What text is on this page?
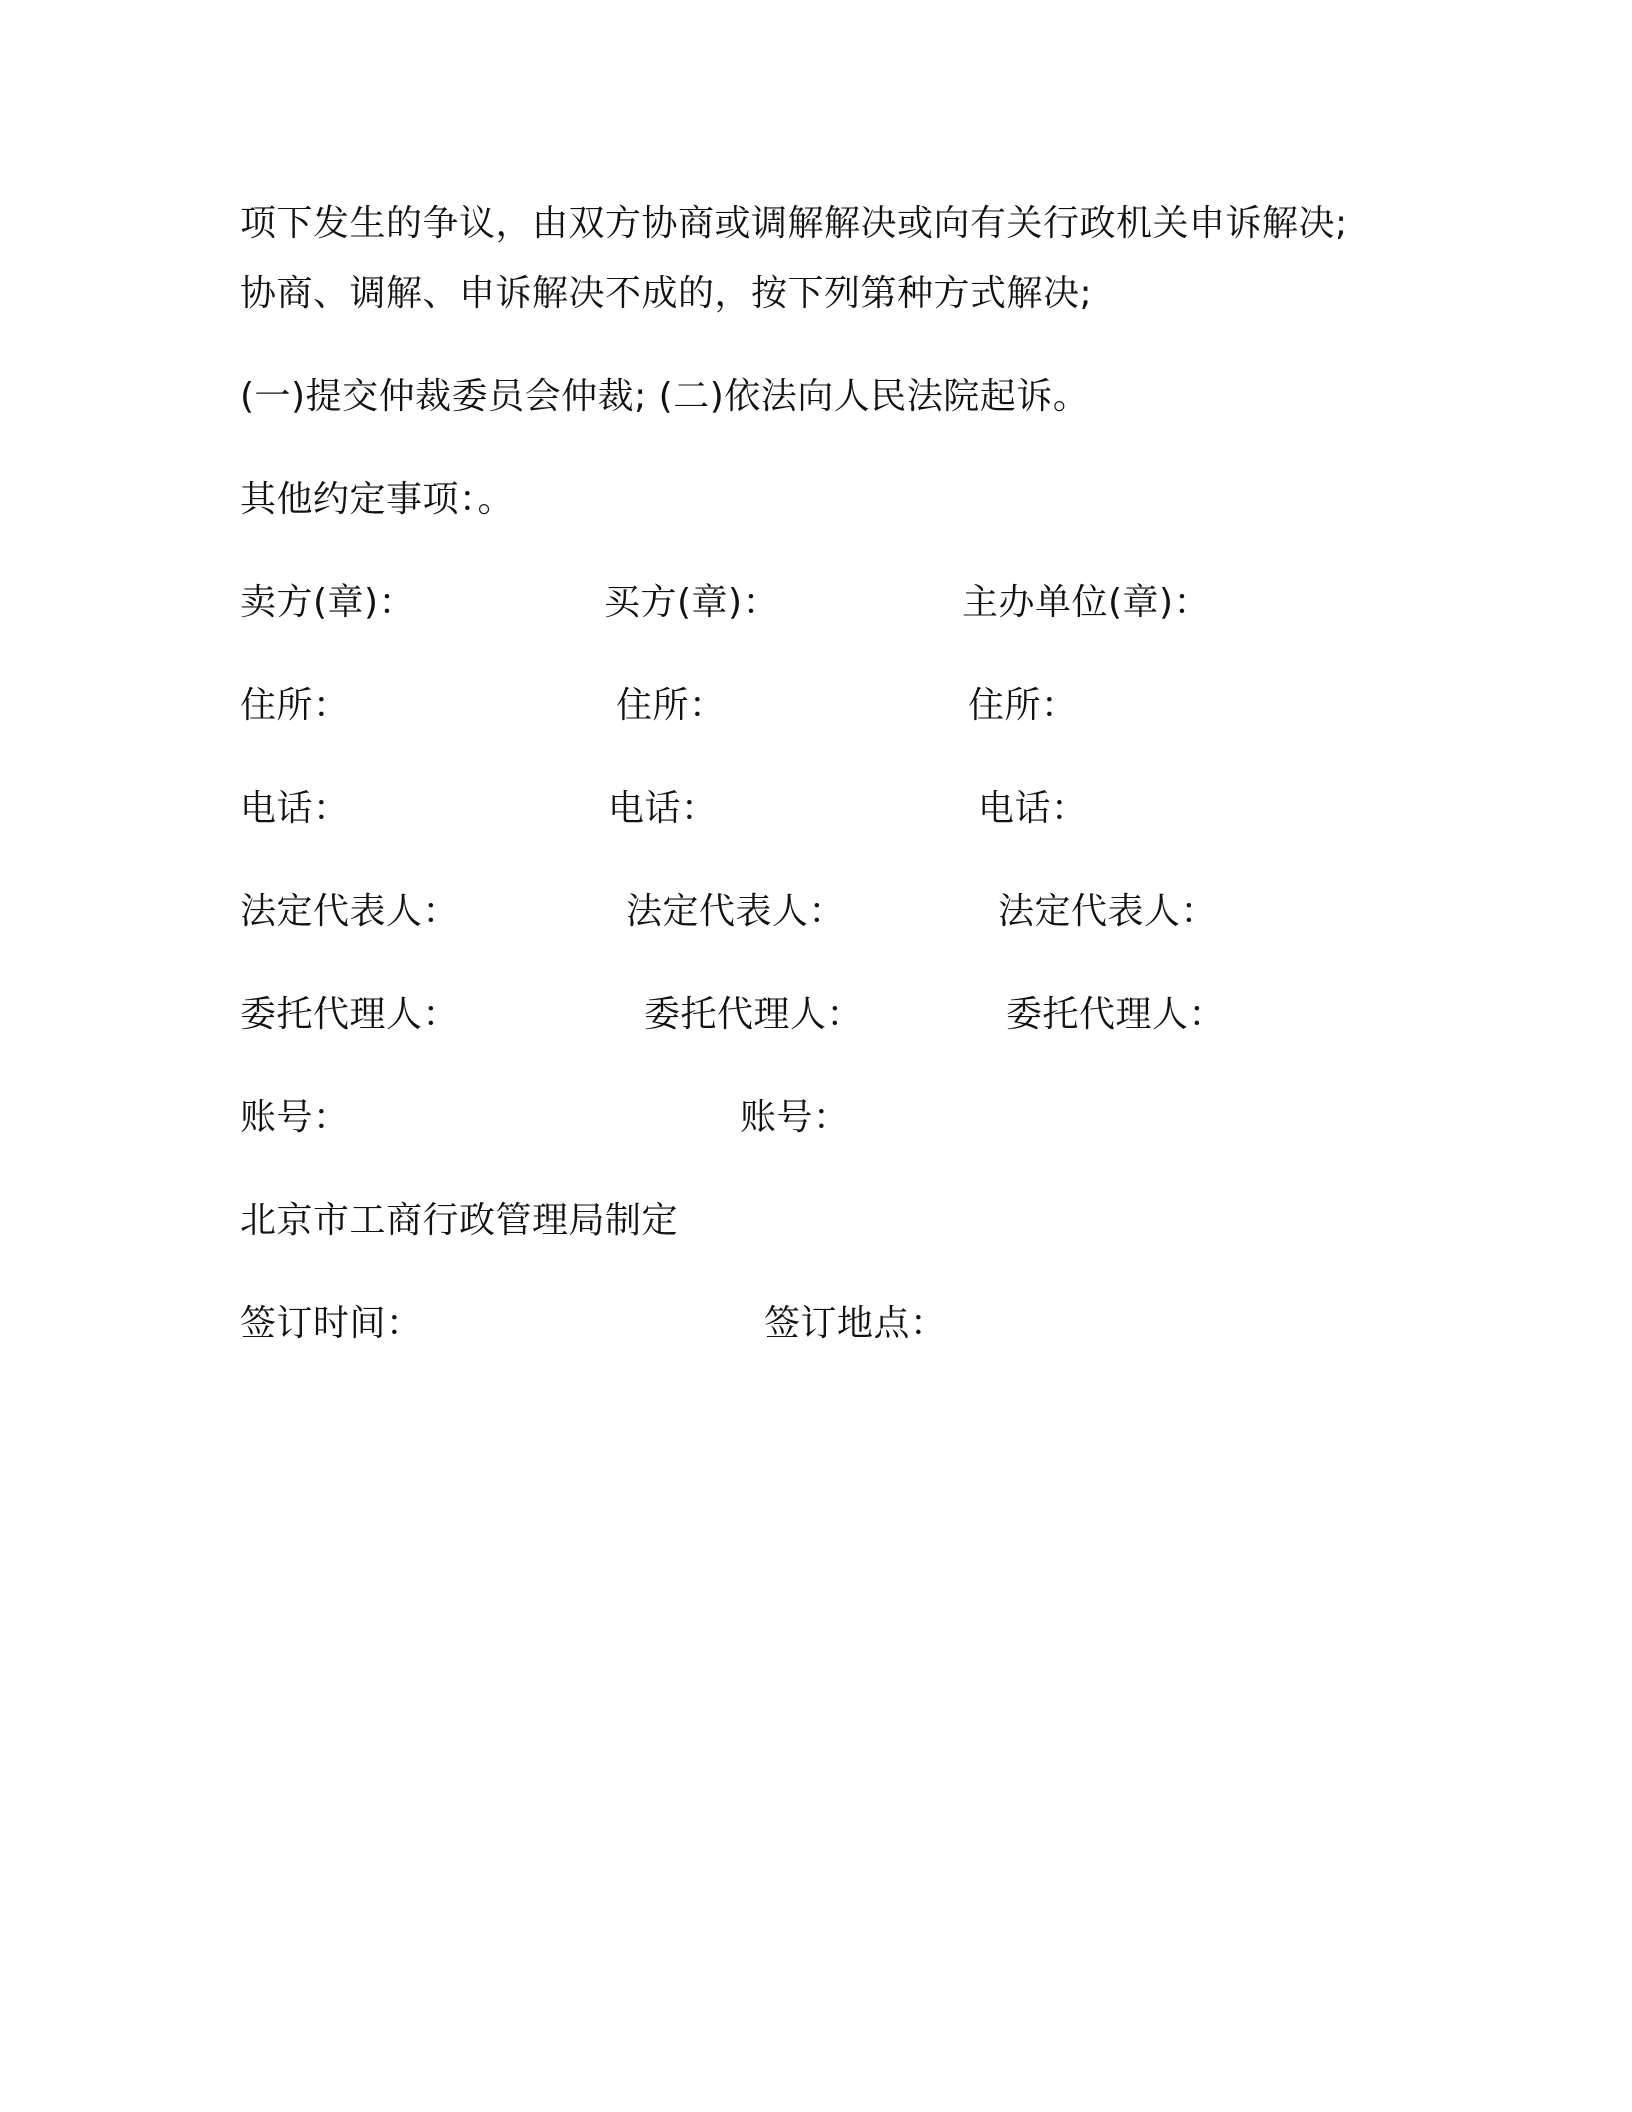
项下发生的争议，由双方协商或调解解决或向有关行政机关申诉解决;
协商、调解、申诉解决不成的，按下列第种方式解决;
(一)提交仲裁委员会仲裁; (二)依法向人民法院起诉。
其他约定事项：。
卖方(章)：	买方(章)：	主办单位(章)：
住所：	住所：	住所：
电话：	电话：	电话：
法定代表人：	法定代表人：	法定代表人：
委托代理人：	委托代理人：	委托代理人：
账号：	账号：
北京市工商行政管理局制定
签订时间：	签订地点：
